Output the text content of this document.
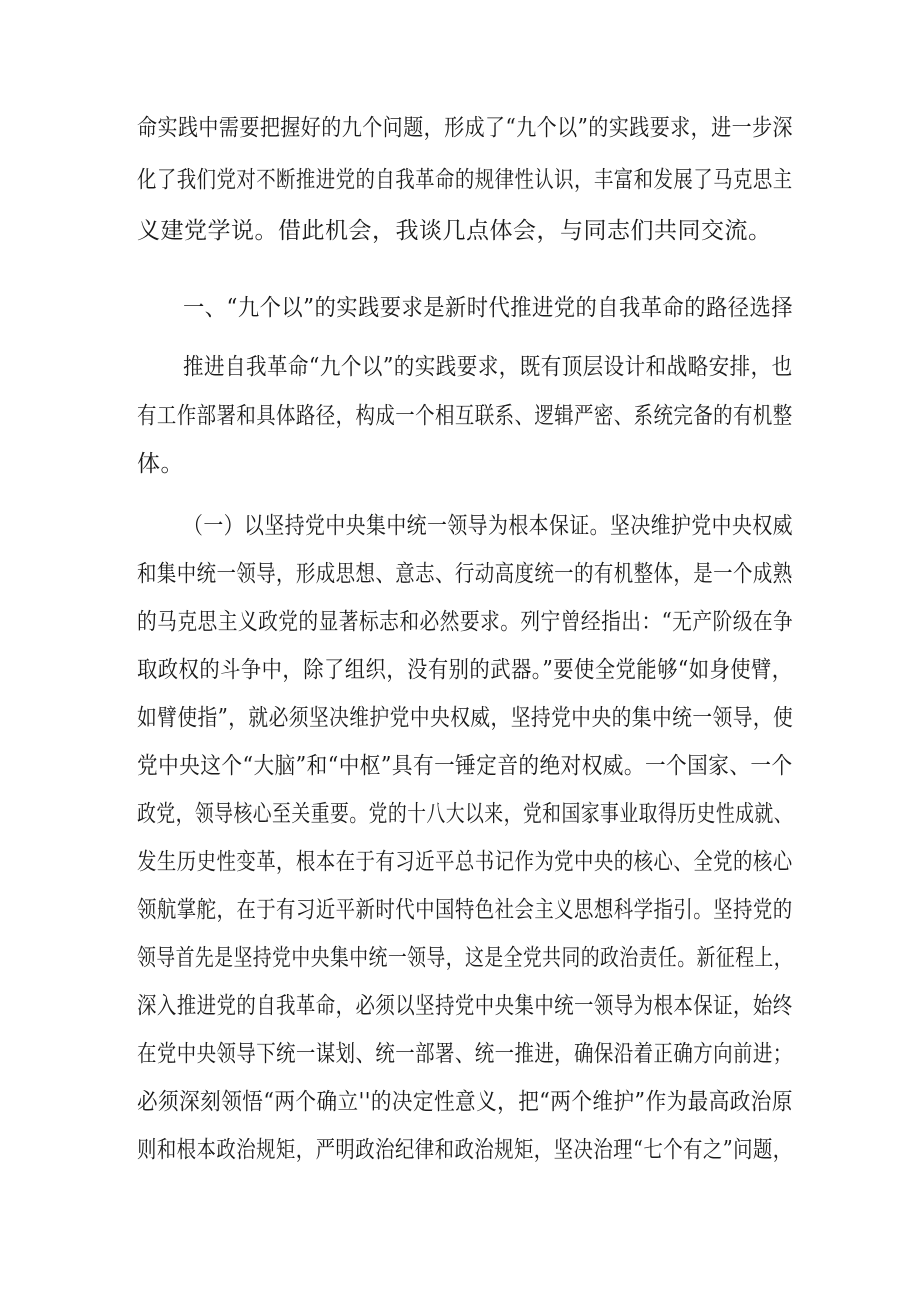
命实践中需要把握好的九个问题，形成了“九个以”的实践要求，进一步深
化了我们党对不断推进党的自我革命的规律性认识，丰富和发展了马克思主
义建党学说。借此机会，我谈几点体会，与同志们共同交流。
一、“九个以”的实践要求是新时代推进党的自我革命的路径选择
推进自我革命“九个以”的实践要求，既有顶层设计和战略安排，也
有工作部署和具体路径，构成一个相互联系、逻辑严密、系统完备的有机整
体。
（一）以坚持党中央集中统一领导为根本保证。坚决维护党中央权威
和集中统一领导，形成思想、意志、行动高度统一的有机整体，是一个成熟
的马克思主义政党的显著标志和必然要求。列宁曾经指出：“无产阶级在争
取政权的斗争中，除了组织，没有别的武器。”要使全党能够“如身使臂，
如臂使指”，就必须坚决维护党中央权威，坚持党中央的集中统一领导，使
党中央这个“大脑”和“中枢”具有一锤定音的绝对权威。一个国家、一个
政党，领导核心至关重要。党的十八大以来，党和国家事业取得历史性成就、
发生历史性变革，根本在于有习近平总书记作为党中央的核心、全党的核心
领航掌舵，在于有习近平新时代中国特色社会主义思想科学指引。坚持党的
领导首先是坚持党中央集中统一领导，这是全党共同的政治责任。新征程上，
深入推进党的自我革命，必须以坚持党中央集中统一领导为根本保证，始终
在党中央领导下统一谋划、统一部署、统一推进，确保沿着正确方向前进；
必须深刻领悟“两个确立''的决定性意义，把“两个维护”作为最高政治原
则和根本政治规矩，严明政治纪律和政治规矩，坚决治理“七个有之”问题，
